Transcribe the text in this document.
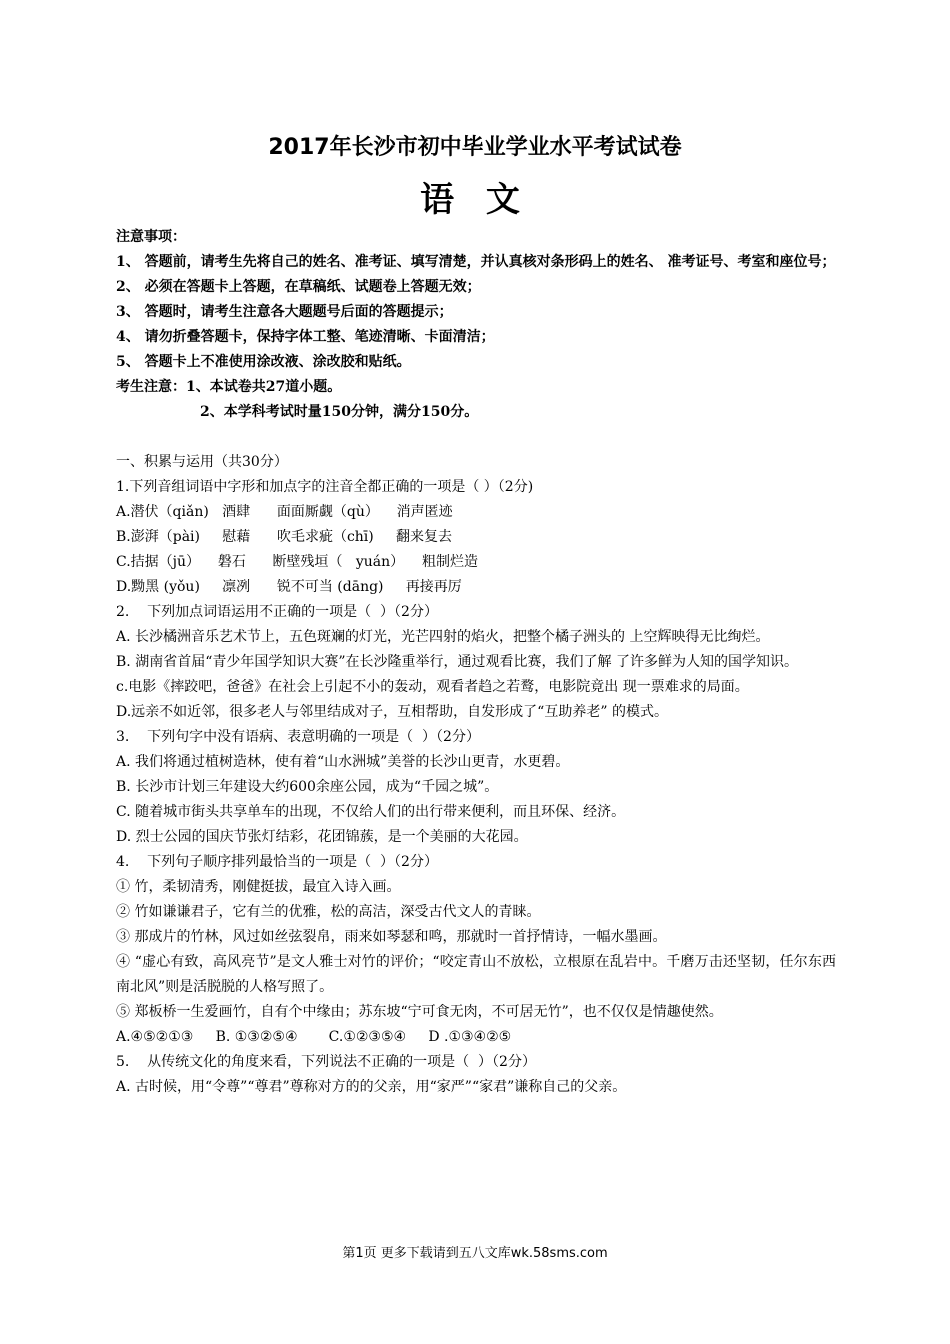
2017年长沙市初中毕业学业水平考试试卷
语 文

注意事项：

1、 答题前，请考生先将自己的姓名、准考证、填写清楚，并认真核对条形码上的姓名、 准考证号、考室和座位号；

2、 必须在答题卡上答题，在草稿纸、试题卷上答题无效；

3、 答题时，请考生注意各大题题号后面的答题提示；

4、 请勿折叠答题卡，保持字体工整、笔迹清晰、卡面清洁；

5、 答题卡上不准使用涂改液、涂改胶和贴纸。

考生注意：1、本试卷共27道小题。

2、本学科考试时量150分钟，满分150分。

一、积累与运用（共30分）

1.下列音组词语中字形和加点字的注音全都正确的一项是（ ）（2分)

A.潜伏（qiǎn)   酒肆      面面厮觑（qù）    消声匿迹

B.澎湃（pài)     慰藉      吹毛求疵（chī)     翻来复去

C.拮据（jū）    磐石      断壁残垣（   yuán）    粗制烂造

D.黝黑 (yǒu)     凛冽      锐不可当 (dāng)     再接再厉

2.    下列加点词语运用不正确的一项是（  ）（2分）

A. 长沙橘洲音乐艺术节上，五色斑斓的灯光，光芒四射的焰火，把整个橘子洲头的 上空辉映得无比绚烂。

B. 湖南省首届“青少年国学知识大赛”在长沙隆重举行，通过观看比赛，我们了解 了许多鲜为人知的国学知识。

c.电影《摔跤吧，爸爸》在社会上引起不小的轰动，观看者趋之若鹜，电影院竟出 现一票难求的局面。

D.远亲不如近邻，很多老人与邻里结成对子，互相帮助，自发形成了“互助养老” 的模式。

3.    下列句字中没有语病、表意明确的一项是（  ）（2分）

A. 我们将通过植树造林，使有着“山水洲城”美誉的长沙山更青，水更碧。

B. 长沙市计划三年建设大约600余座公园，成为“千园之城”。

C. 随着城市街头共享单车的出现，不仅给人们的出行带来便利，而且环保、经济。

D. 烈士公园的国庆节张灯结彩，花团锦蔟，是一个美丽的大花园。

4.    下列句子顺序排列最恰当的一项是（  ）（2分）

① 竹，柔韧清秀，刚健挺拔，最宜入诗入画。

② 竹如谦谦君子，它有兰的优雅，松的高洁，深受古代文人的青睐。

③ 那成片的竹林，风过如丝弦裂帛，雨来如琴瑟和鸣，那就时一首抒情诗，一幅水墨画。

④ “虚心有致，高风亮节”是文人雅士对竹的评价；“咬定青山不放松，立根原在乱岩中。千磨万击还坚韧，任尔东西南北风”则是活脱脱的人格写照了。

⑤ 郑板桥一生爱画竹，自有个中缘由；苏东坡“宁可食无肉，不可居无竹”，也不仅仅是情趣使然。

A.④⑤②①③     B. ①③②⑤④       C.①②③⑤④     D .①③④②⑤

5.    从传统文化的角度来看，下列说法不正确的一项是（  ）（2分）

A. 古时候，用“令尊”“尊君”尊称对方的的父亲，用“家严”“家君”谦称自己的父亲。

第1页 更多下载请到五八文库wk.58sms.com
